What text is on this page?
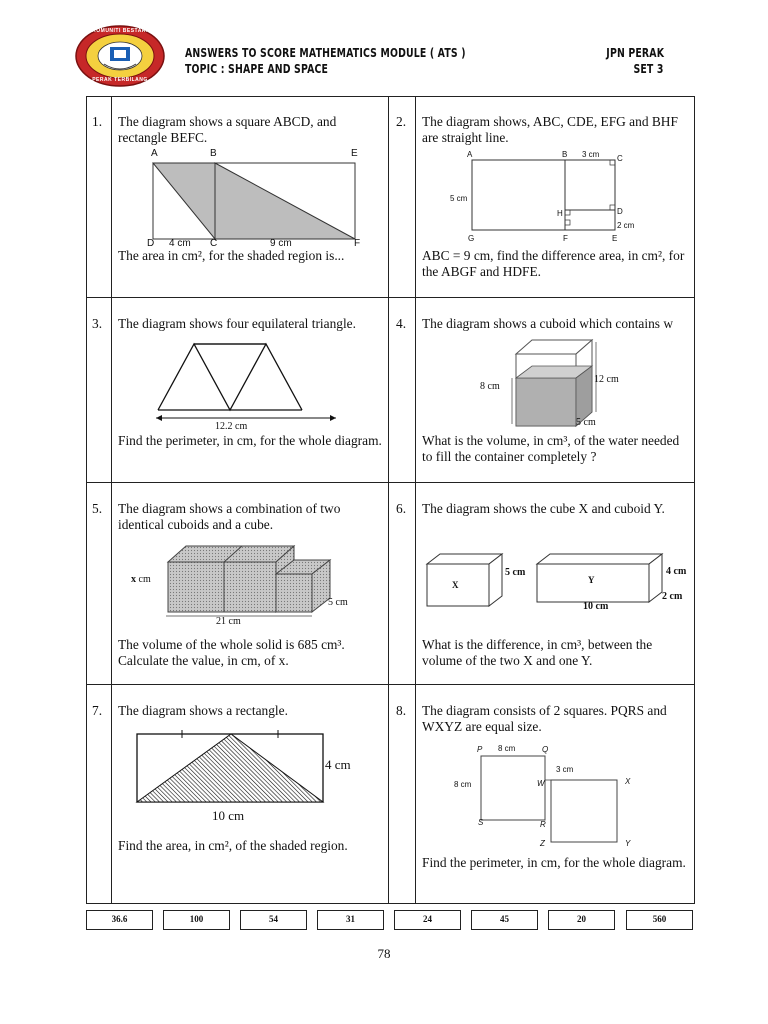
KOMUNITI BESTARI
PERAK TERBILANG
ANSWERS TO SCORE MATHEMATICS MODULE ( ATS )
TOPIC : SHAPE AND SPACE
JPN PERAK
SET 3
1. The diagram shows a square ABCD, and rectangle BEFC.
A	B	E
D 4 cm C	9 cm	F
The area in cm², for the shaded region is...
2. The diagram shows, ABC, CDE, EFG and BHF are straight line.
A	B 3 cm C
5 cm
H	D
2 cm
G	F	E
ABC = 9 cm, find the difference area, in cm², for the ABGF and HDFE.
3. The diagram shows four equilateral triangle.
12.2 cm
Find the perimeter, in cm, for the whole diagram.
4. The diagram shows a cuboid which contains w
8 cm
12 cm
5 cm
What is the volume, in cm³, of the water needed to fill the container completely ?
5. The diagram shows a combination of two identical cuboids and a cube.
x cm
21 cm
5 cm
The volume of the whole solid is 685 cm³. Calculate the value, in cm, of x.
6. The diagram shows the cube X and cuboid Y.
X
5 cm
Y
4 cm
2 cm
10 cm
What is the difference, in cm³, between the volume of the two X and one Y.
7. The diagram shows a rectangle.
4 cm
10 cm
Find the area, in cm², of the shaded region.
8. The diagram consists of 2 squares. PQRS and WXYZ are equal size.
P 8 cm	Q
3 cm
8 cm	W	X
S	R
Z	Y
Find the perimeter, in cm, for the whole diagram.
36.6	100	54	31	24	45	20	560
78
